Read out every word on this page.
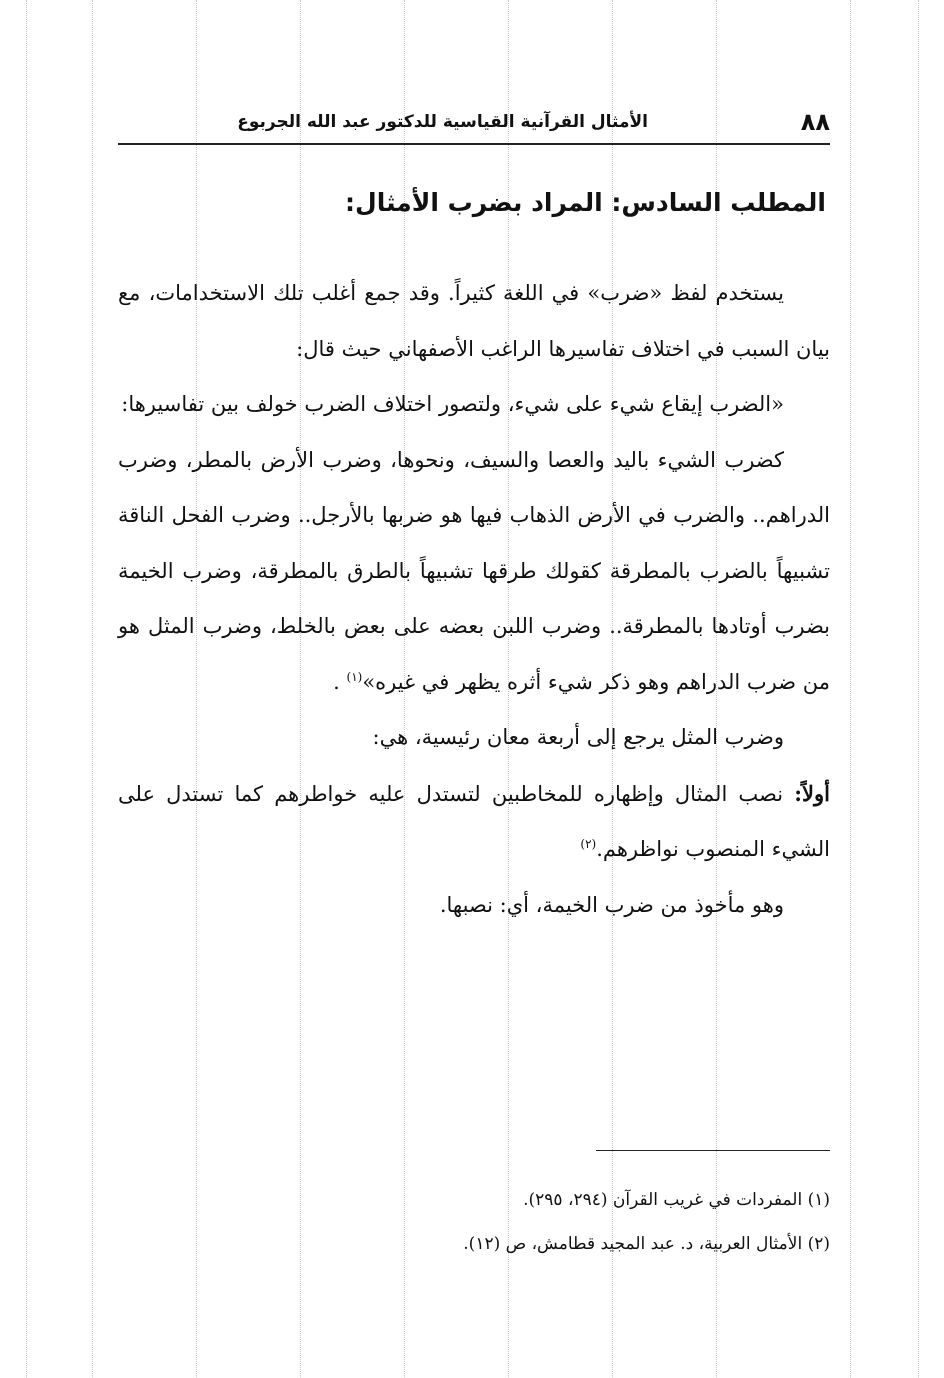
٨٨
الأمثال القرآنية القياسية للدكتور عبد الله الجربوع
المطلب السادس: المراد بضرب الأمثال:

يستخدم لفظ «ضرب» في اللغة كثيراً. وقد جمع أغلب تلك الاستخدامات، مع بيان السبب في اختلاف تفاسيرها الراغب الأصفهاني حيث قال:

«الضرب إيقاع شيء على شيء، ولتصور اختلاف الضرب خولف بين تفاسيرها:

كضرب الشيء باليد والعصا والسيف، ونحوها، وضرب الأرض بالمطر، وضرب الدراهم.. والضرب في الأرض الذهاب فيها هو ضربها بالأرجل.. وضرب الفحل الناقة تشبيهاً بالضرب بالمطرقة كقولك طرقها تشبيهاً بالطرق بالمطرقة، وضرب الخيمة بضرب أوتادها بالمطرقة.. وضرب اللبن بعضه على بعض بالخلط، وضرب المثل هو من ضرب الدراهم وهو ذكر شيء أثره يظهر في غيره»$^{(١)}$ .

وضرب المثل يرجع إلى أربعة معان رئيسية، هي:

أولاً: نصب المثال وإظهاره للمخاطبين لتستدل عليه خواطرهم كما تستدل على الشيء المنصوب نواظرهم.$^{(٢)}$

وهو مأخوذ من ضرب الخيمة، أي: نصبها.

(١) المفردات في غريب القرآن (٢٩٤، ٢٩٥).

(٢) الأمثال العربية، د. عبد المجيد قطامش، ص (١٢).
